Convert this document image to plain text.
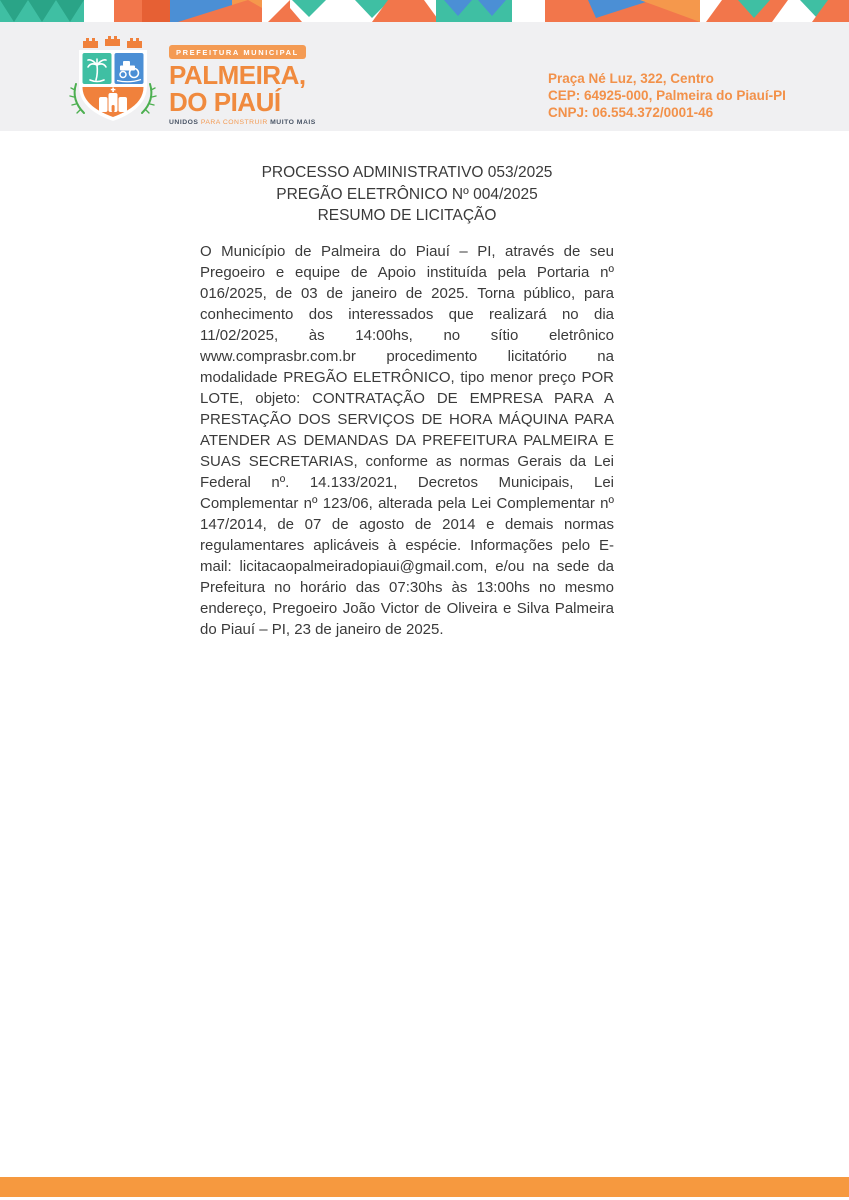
PREFEITURA MUNICIPAL
PALMEIRA,
DO PIAUÍ
UNIDOS PARA CONSTRUIR MUITO MAIS
Praça Né Luz, 322, Centro
CEP: 64925-000, Palmeira do Piauí-PI
CNPJ: 06.554.372/0001-46
PROCESSO ADMINISTRATIVO 053/2025
PREGÃO ELETRÔNICO Nº 004/2025
RESUMO DE LICITAÇÃO

O Município de Palmeira do Piauí – PI, através de seu Pregoeiro e equipe de Apoio instituída pela Portaria nº 016/2025, de 03 de janeiro de 2025. Torna público, para conhecimento dos interessados que realizará no dia 11/02/2025, às 14:00hs, no sítio eletrônico www.comprasbr.com.br procedimento licitatório na modalidade PREGÃO ELETRÔNICO, tipo menor preço POR LOTE, objeto: CONTRATAÇÃO DE EMPRESA PARA A PRESTAÇÃO DOS SERVIÇOS DE HORA MÁQUINA PARA ATENDER AS DEMANDAS DA PREFEITURA PALMEIRA E SUAS SECRETARIAS, conforme as normas Gerais da Lei Federal nº. 14.133/2021, Decretos Municipais, Lei Complementar nº 123/06, alterada pela Lei Complementar nº 147/2014, de 07 de agosto de 2014 e demais normas regulamentares aplicáveis à espécie. Informações pelo E-mail: licitacaopalmeiradopiaui@gmail.com, e/ou na sede da Prefeitura no horário das 07:30hs às 13:00hs no mesmo endereço, Pregoeiro João Victor de Oliveira e Silva Palmeira do Piauí – PI, 23 de janeiro de 2025.
